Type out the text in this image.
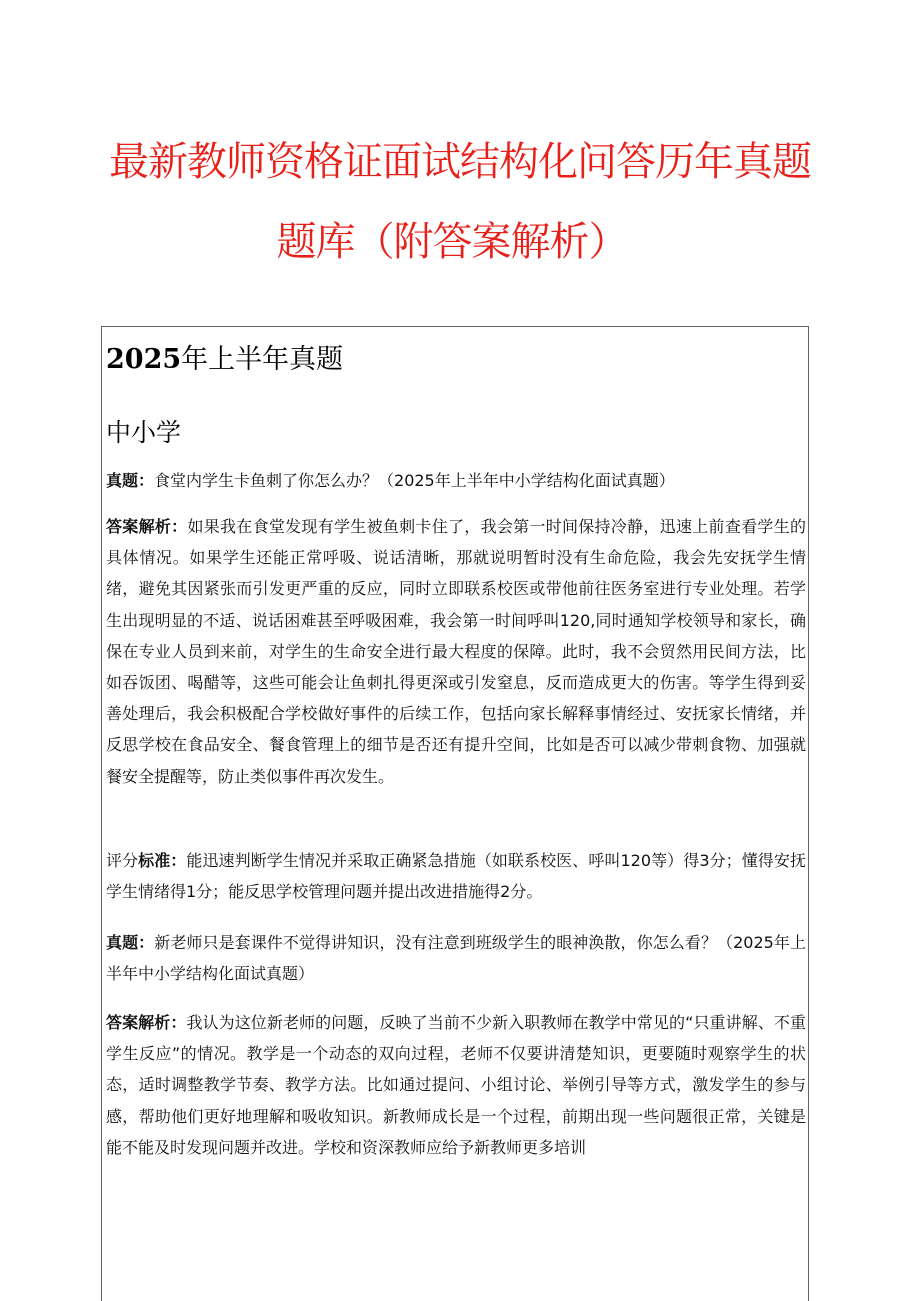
最新教师资格证面试结构化问答历年真题
题库（附答案解析）
2025年上半年真题
中小学
真题：食堂内学生卡鱼刺了你怎么办？（2025年上半年中小学结构化面试真题）
答案解析：如果我在食堂发现有学生被鱼刺卡住了，我会第一时间保持冷静，迅速上前查看学生的具体情况。如果学生还能正常呼吸、说话清晰，那就说明暂时没有生命危险，我会先安抚学生情绪，避免其因紧张而引发更严重的反应，同时立即联系校医或带他前往医务室进行专业处理。若学生出现明显的不适、说话困难甚至呼吸困难，我会第一时间呼叫120,同时通知学校领导和家长，确保在专业人员到来前，对学生的生命安全进行最大程度的保障。此时，我不会贸然用民间方法，比如吞饭团、喝醋等，这些可能会让鱼刺扎得更深或引发窒息，反而造成更大的伤害。等学生得到妥善处理后，我会积极配合学校做好事件的后续工作，包括向家长解释事情经过、安抚家长情绪，并反思学校在食品安全、餐食管理上的细节是否还有提升空间，比如是否可以减少带刺食物、加强就餐安全提醒等，防止类似事件再次发生。
评分标准：能迅速判断学生情况并采取正确紧急措施（如联系校医、呼叫120等）得3分；懂得安抚学生情绪得1分；能反思学校管理问题并提出改进措施得2分。
真题：新老师只是套课件不觉得讲知识，没有注意到班级学生的眼神涣散，你怎么看？（2025年上半年中小学结构化面试真题）
答案解析：我认为这位新老师的问题，反映了当前不少新入职教师在教学中常见的“只重讲解、不重学生反应”的情况。教学是一个动态的双向过程，老师不仅要讲清楚知识，更要随时观察学生的状态，适时调整教学节奏、教学方法。比如通过提问、小组讨论、举例引导等方式，激发学生的参与感，帮助他们更好地理解和吸收知识。新教师成长是一个过程，前期出现一些问题很正常，关键是能不能及时发现问题并改进。学校和资深教师应给予新教师更多培训
